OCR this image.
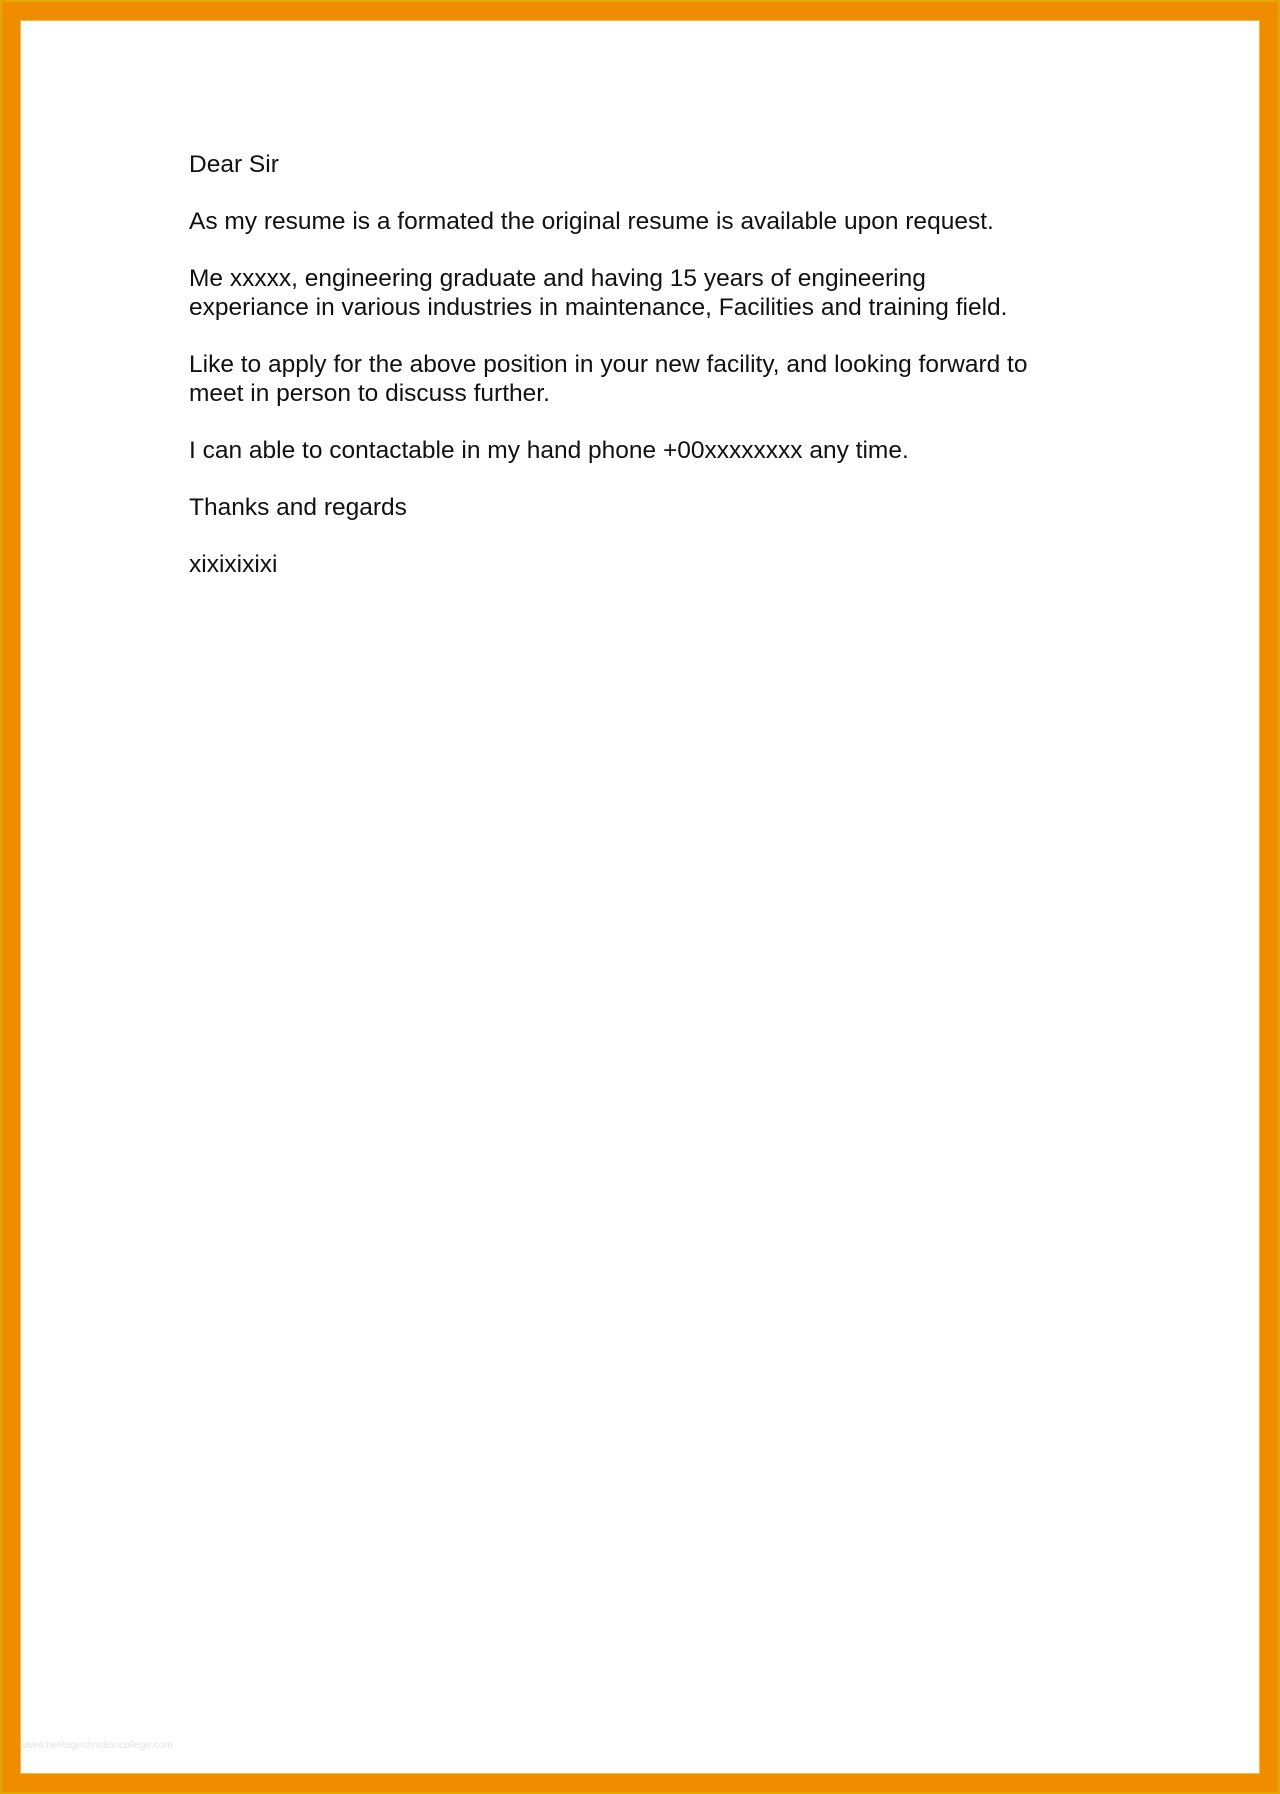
Dear Sir

As my resume is a formated the original resume is available upon request.

Me xxxxx, engineering graduate and having 15 years of engineering
experiance in various industries in maintenance, Facilities and training field.

Like to apply for the above position in your new facility, and looking forward to
meet in person to discuss further.

I can able to contactable in my hand phone +00xxxxxxxx any time.

Thanks and regards

xixixixixi

www.heritagechristiancollege.com
